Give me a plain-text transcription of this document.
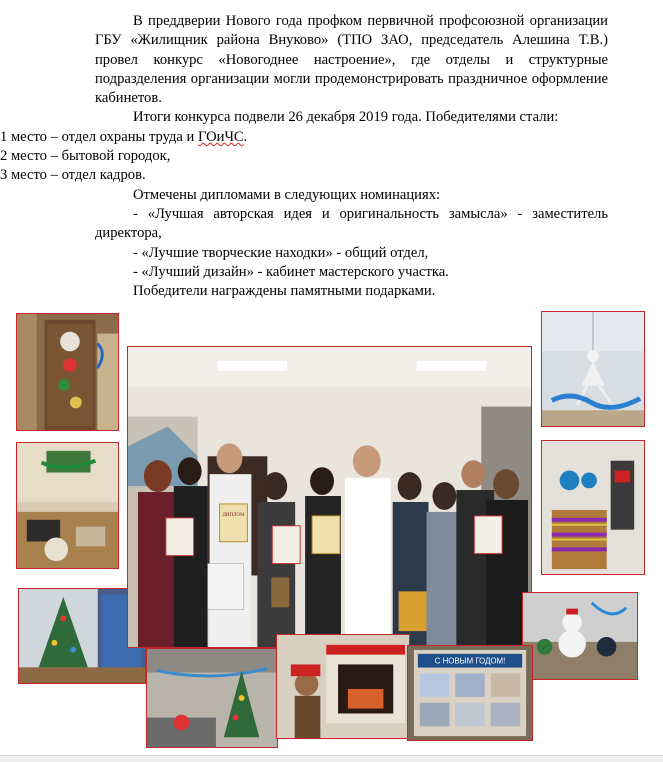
В преддверии Нового года профком первичной профсоюзной организации ГБУ «Жилищник района Внуково» (ТПО ЗАО, председатель Алешина Т.В.) провел конкурс «Новогоднее настроение», где отделы и структурные подразделения организации могли продемонстрировать праздничное оформление кабинетов.

Итоги конкурса подвели 26 декабря 2019 года. Победителями стали:

1 место – отдел охраны труда и ГОиЧС.

2 место – бытовой городок,

3 место – отдел кадров.

Отмечены дипломами в следующих номинациях:

- «Лучшая авторская идея и оригинальность замысла» - заместитель директора,

- «Лучшие творческие находки» - общий отдел,

- «Лучший дизайн» - кабинет мастерского участка.

Победители награждены памятными подарками.

ДИПЛОМ
С НОВЫМ ГОДОМ!
